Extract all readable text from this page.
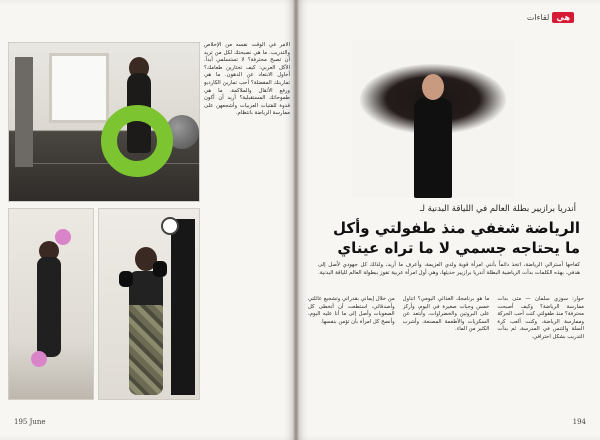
الأمر في الوقت نفسه من الإخلاص والتدريب. ما هي نصيحتك لكل من تريد أن تصبح محترفة؟ لا تستسلمي أبداً. الأكل العربي: كيف تختارين طعامك؟ أحاول الابتعاد عن الدهون. ما هي تمارينك المفضلة؟ أحب تمارين الكارديو ورفع الأثقال والملاكمة. ما هي طموحاتك المستقبلية؟ أريد أن أكون قدوة للفتيات العربيات وأشجعهن على ممارسة الرياضة بانتظام.

195 June
هي
لقاءات
أندريا برازيير بطلة العالم في اللياقة البدنية لـ
الرياضة شغفي منذ طفولتي وأكل ما يحتاجه جسمي لا ما تراه عيناي
كفاحها أسترالي الرياضة، اتخذ دائماً بأنني امرأة قوية ولدي العزيمة، وأعرف ما أريد، ولذلك كل جهودي لأصل إلى هدفي. بهذه الكلمات بدأت الرياضية البطلة أندريا برازيير حديثها، وهي أول امرأة عربية تفوز ببطولة العالم للياقة البدنية.

حوار: سوزي سلمان — متى بدأت ممارسة الرياضة؟ وكيف أصبحت محترفة؟ منذ طفولتي كنت أحب الحركة وممارسة الرياضة، وكنت ألعب كرة السلة والتنس في المدرسة، ثم بدأت التدريب بشكل احترافي.

ما هو برنامجك الغذائي اليومي؟ أتناول خمس وجبات صغيرة في اليوم، وأركز على البروتين والخضراوات، وأبتعد عن السكريات والأطعمة المصنعة، وأشرب الكثير من الماء.

من خلال إيماني بقدراتي وتشجيع عائلتي وأصدقائي، استطعت أن أتخطى كل الصعوبات وأصل إلى ما أنا عليه اليوم، وأنصح كل امرأة بأن تؤمن بنفسها.

194
